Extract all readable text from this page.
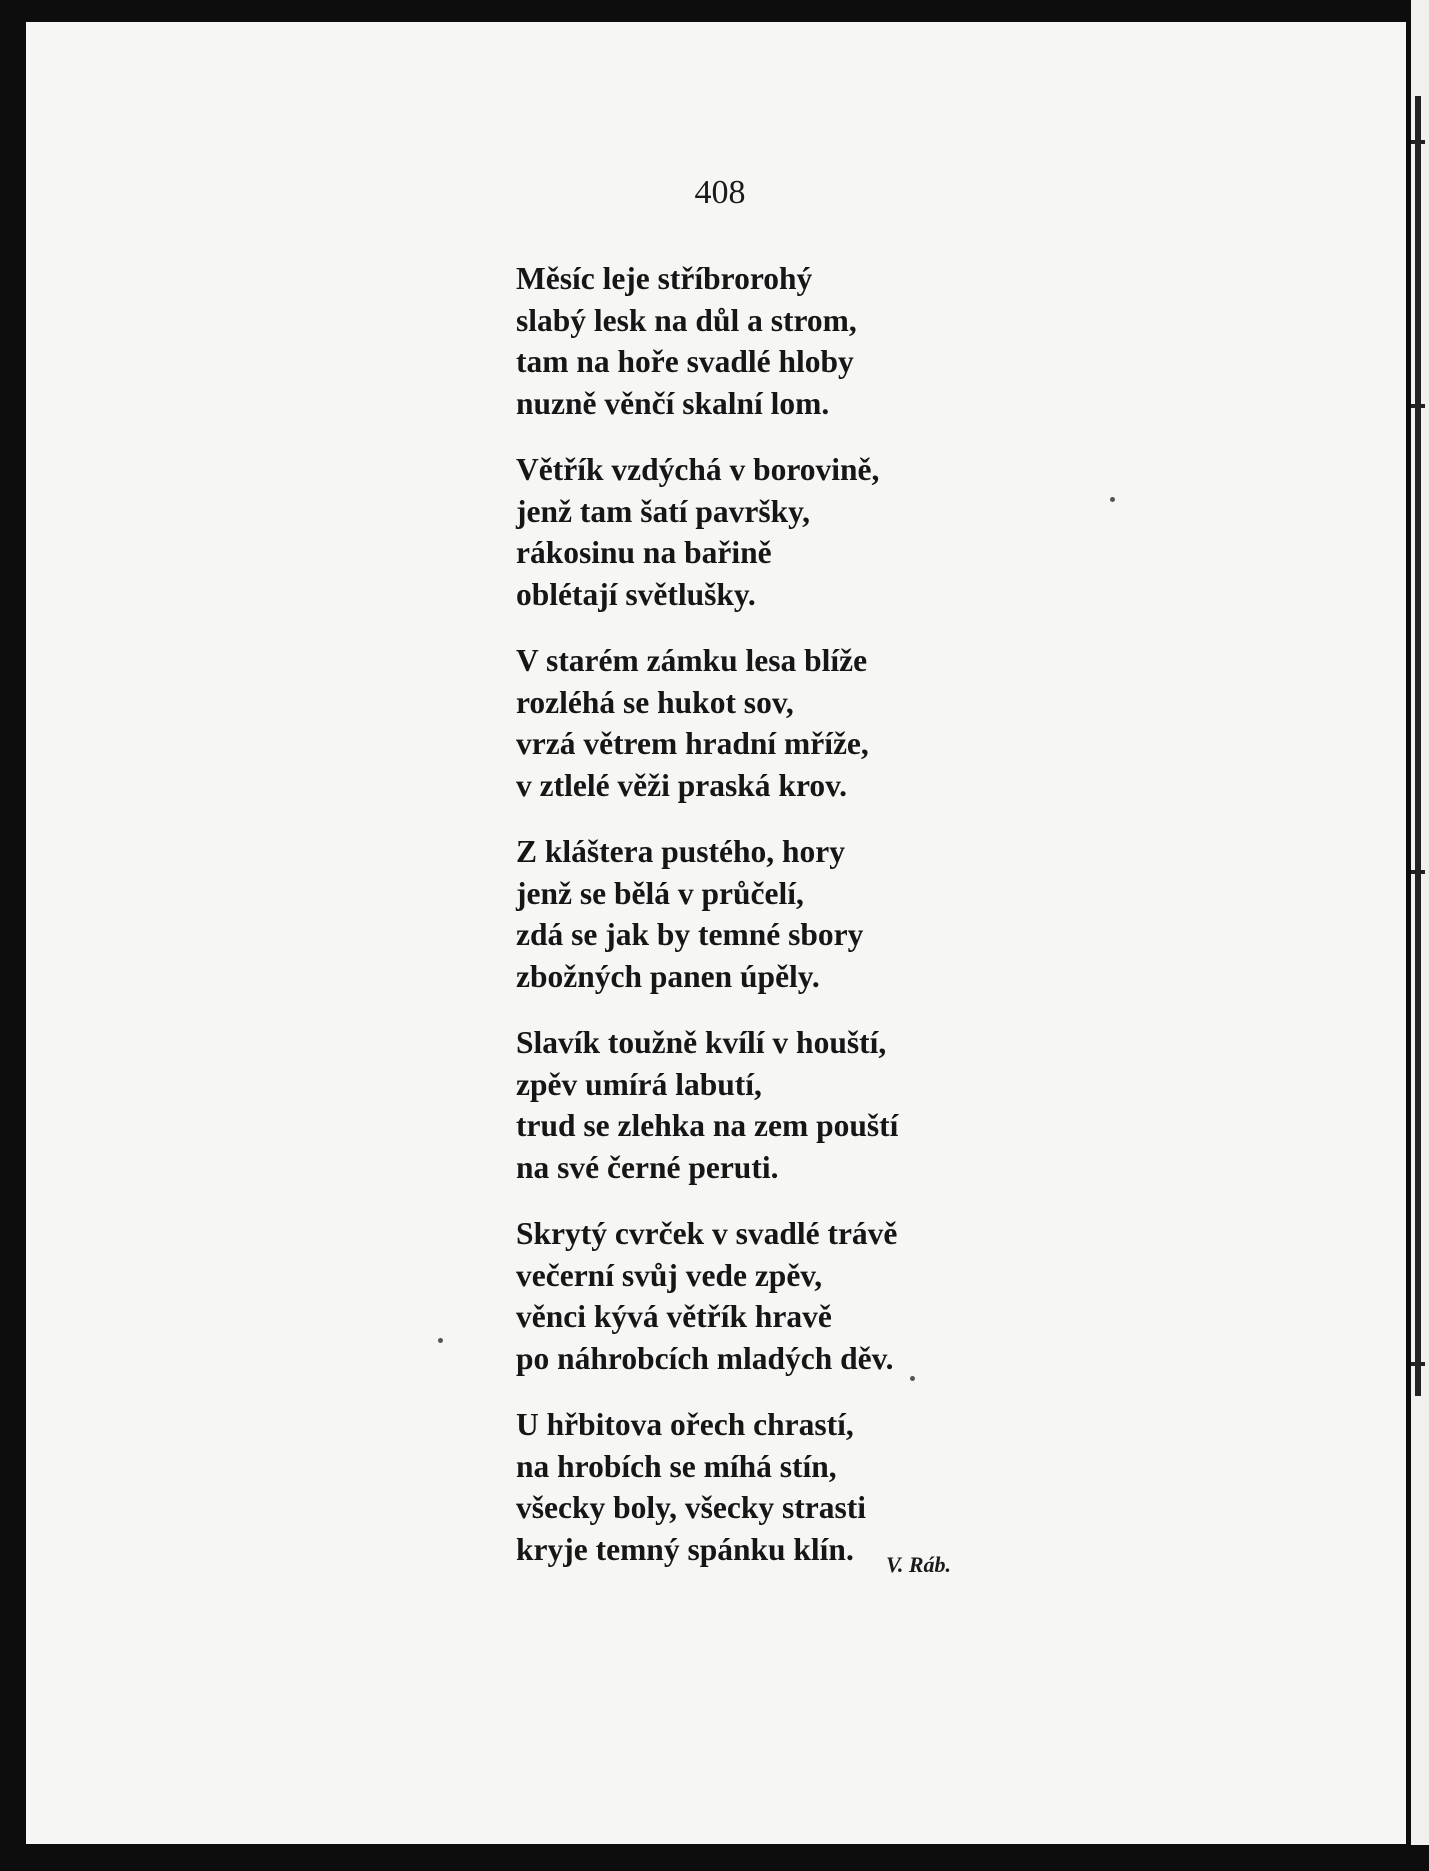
408
Měsíc leje stříbrorohý
slabý lesk na důl a strom,
tam na hoře svadlé hloby
nuzně věnčí skalní lom.
Větřík vzdýchá v borovině,
jenž tam šatí pavršky,
rákosinu na bařině
oblétají světlušky.
V starém zámku lesa blíže
rozléhá se hukot sov,
vrzá větrem hradní mříže,
v ztlelé věži praská krov.
Z kláštera pustého, hory
jenž se bělá v průčelí,
zdá se jak by temné sbory
zbožných panen úpěly.
Slavík toužně kvílí v houští,
zpěv umírá labutí,
trud se zlehka na zem pouští
na své černé peruti.
Skrytý cvrček v svadlé trávě
večerní svůj vede zpěv,
věnci kývá větřík hravě
po náhrobcích mladých děv.
U hřbitova ořech chrastí,
na hrobích se míhá stín,
všecky boly, všecky strasti
kryje temný spánku klín.	V. Ráb.
